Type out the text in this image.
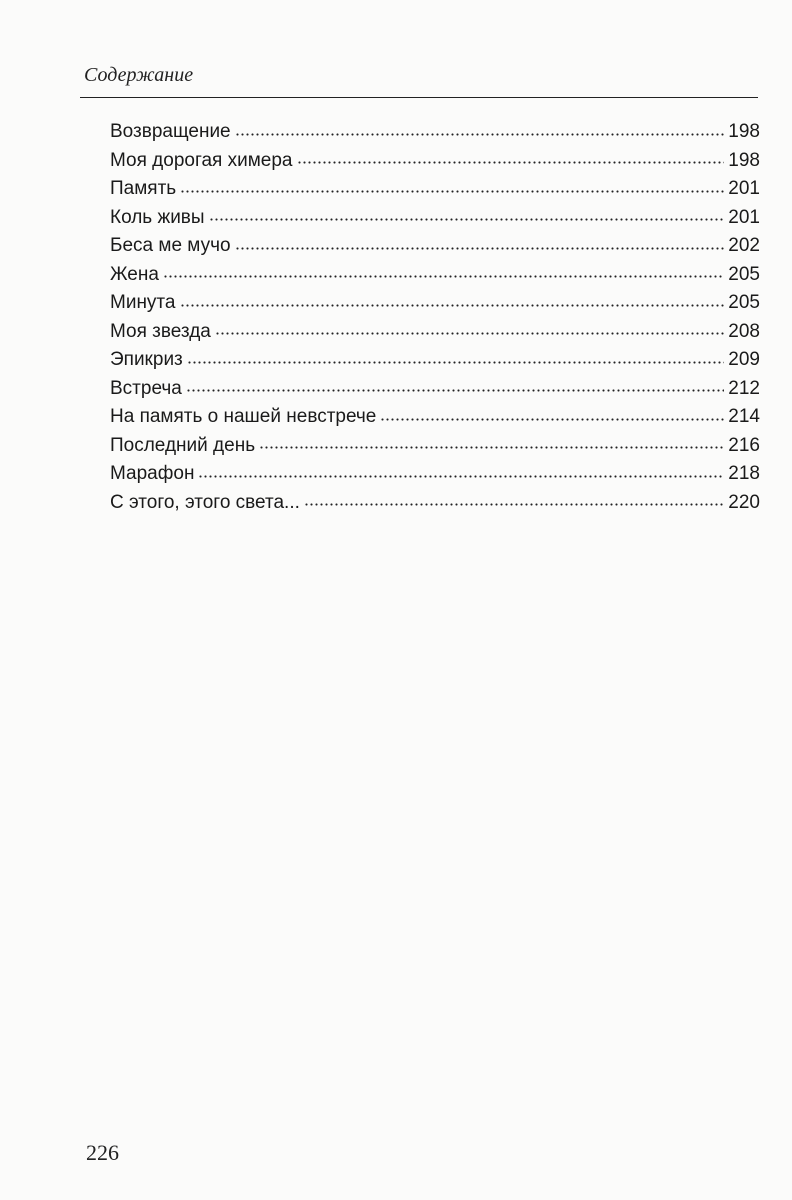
Содержание
Возвращение	198
Моя дорогая химера	198
Память	201
Коль живы	201
Беса ме мучо	202
Жена	205
Минута	205
Моя звезда	208
Эпикриз	209
Встреча	212
На память о нашей невстрече	214
Последний день	216
Марафон	218
С этого, этого света...	220
226
